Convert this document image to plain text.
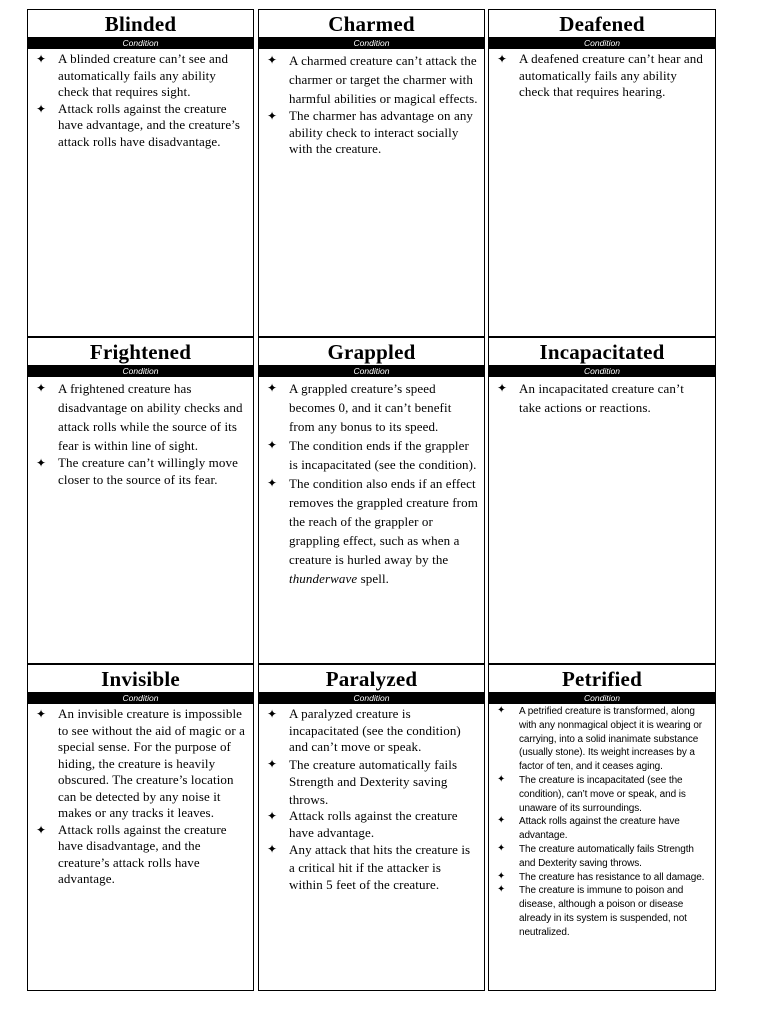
Blinded
Condition
✦ A blinded creature can’t see and automatically fails any ability check that requires sight.
✦ Attack rolls against the creature have advantage, and the creature’s attack rolls have disadvantage.
Charmed
Condition
✦ A charmed creature can’t attack the charmer or target the charmer with harmful abilities or magical effects.
✦ The charmer has advantage on any ability check to interact socially with the creature.
Deafened
Condition
✦ A deafened creature can’t hear and automatically fails any ability check that requires hearing.
Frightened
Condition
✦ A frightened creature has disadvantage on ability checks and attack rolls while the source of its fear is within line of sight.
✦ The creature can’t willingly move closer to the source of its fear.
Grappled
Condition
✦ A grappled creature’s speed becomes 0, and it can’t benefit from any bonus to its speed.
✦ The condition ends if the grappler is incapacitated (see the condition).
✦ The condition also ends if an effect removes the grappled creature from the reach of the grappler or grappling effect, such as when a creature is hurled away by the thunderwave spell.
Incapacitated
Condition
✦ An incapacitated creature can’t take actions or reactions.
Invisible
Condition
✦ An invisible creature is impossible to see without the aid of magic or a special sense. For the purpose of hiding, the creature is heavily obscured. The creature’s location can be detected by any noise it makes or any tracks it leaves.
✦ Attack rolls against the creature have disadvantage, and the creature’s attack rolls have advantage.
Paralyzed
Condition
✦ A paralyzed creature is incapacitated (see the condition) and can’t move or speak.
✦ The creature automatically fails Strength and Dexterity saving throws.
✦ Attack rolls against the creature have advantage.
✦ Any attack that hits the creature is a critical hit if the attacker is within 5 feet of the creature.
Petrified
Condition
✦ A petrified creature is transformed, along with any nonmagical object it is wearing or carrying, into a solid inanimate substance (usually stone). Its weight increases by a factor of ten, and it ceases aging.
✦ The creature is incapacitated (see the condition), can’t move or speak, and is unaware of its surroundings.
✦ Attack rolls against the creature have advantage.
✦ The creature automatically fails Strength and Dexterity saving throws.
✦ The creature has resistance to all damage.
✦ The creature is immune to poison and disease, although a poison or disease already in its system is suspended, not neutralized.
